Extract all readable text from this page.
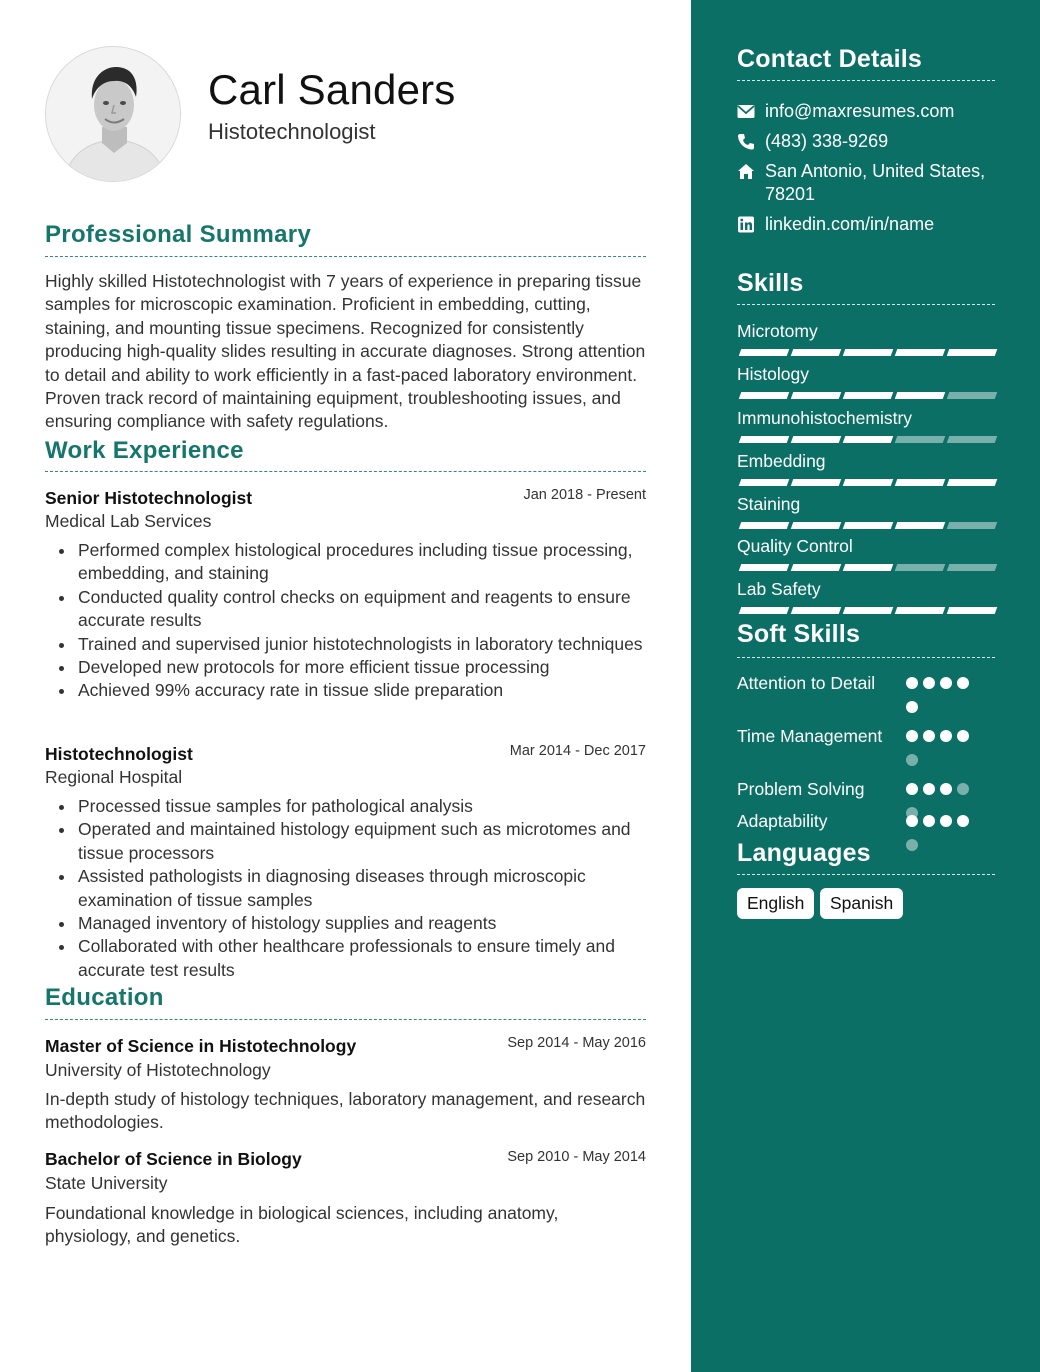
Carl Sanders
Histotechnologist
Professional Summary
Highly skilled Histotechnologist with 7 years of experience in preparing tissue samples for microscopic examination. Proficient in embedding, cutting, staining, and mounting tissue specimens. Recognized for consistently producing high-quality slides resulting in accurate diagnoses. Strong attention to detail and ability to work efficiently in a fast-paced laboratory environment. Proven track record of maintaining equipment, troubleshooting issues, and ensuring compliance with safety regulations.
Work Experience
Senior Histotechnologist	Jan 2018 - Present
Medical Lab Services
Performed complex histological procedures including tissue processing, embedding, and staining
Conducted quality control checks on equipment and reagents to ensure accurate results
Trained and supervised junior histotechnologists in laboratory techniques
Developed new protocols for more efficient tissue processing
Achieved 99% accuracy rate in tissue slide preparation
Histotechnologist	Mar 2014 - Dec 2017
Regional Hospital
Processed tissue samples for pathological analysis
Operated and maintained histology equipment such as microtomes and tissue processors
Assisted pathologists in diagnosing diseases through microscopic examination of tissue samples
Managed inventory of histology supplies and reagents
Collaborated with other healthcare professionals to ensure timely and accurate test results
Education
Master of Science in Histotechnology	Sep 2014 - May 2016
University of Histotechnology
In-depth study of histology techniques, laboratory management, and research methodologies.
Bachelor of Science in Biology	Sep 2010 - May 2014
State University
Foundational knowledge in biological sciences, including anatomy, physiology, and genetics.
Contact Details
info@maxresumes.com
(483) 338-9269
San Antonio, United States, 78201
linkedin.com/in/name
Skills
Microtomy
Histology
Immunohistochemistry
Embedding
Staining
Quality Control
Lab Safety
Soft Skills
Attention to Detail
Time Management
Problem Solving
Adaptability
Languages
English	Spanish
